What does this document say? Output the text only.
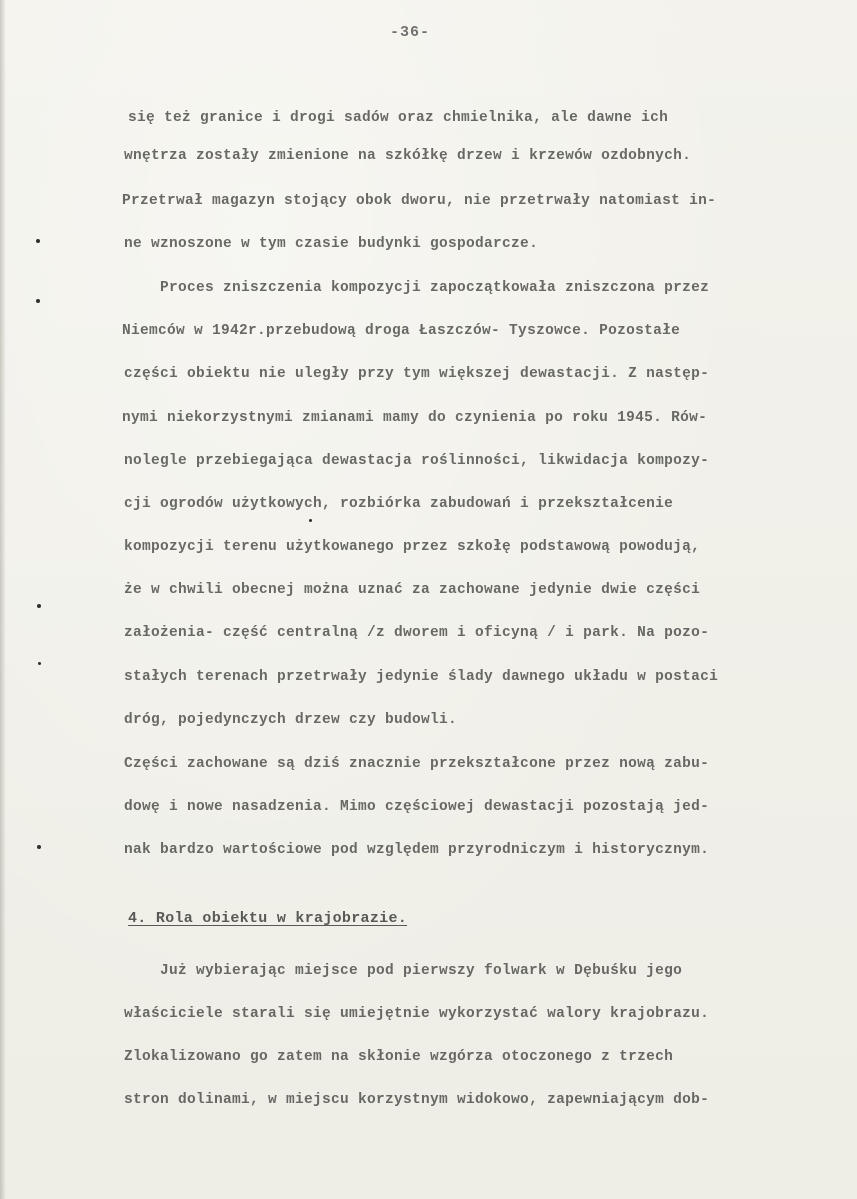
-36-
się też granice i drogi sadów oraz chmielnika, ale dawne ich
wnętrza zostały zmienione na szkółkę drzew i krzewów ozdobnych.
Przetrwał magazyn stojący obok dworu, nie przetrwały natomiast in-
ne wznoszone w tym czasie budynki gospodarcze.
Proces zniszczenia kompozycji zapoczątkowała zniszczona przez
Niemców w 1942r.przebudową droga Łaszczów- Tyszowce. Pozostałe
części obiektu nie uległy przy tym większej dewastacji. Z następ-
nymi niekorzystnymi zmianami mamy do czynienia po roku 1945. Rów-
nolegle przebiegająca dewastacja roślinności, likwidacja kompozy-
cji ogrodów użytkowych, rozbiórka zabudowań i przekształcenie
kompozycji terenu użytkowanego przez szkołę podstawową powodują,
że w chwili obecnej można uznać za zachowane jedynie dwie części
założenia- część centralną /z dworem i oficyną / i park. Na pozo-
stałych terenach przetrwały jedynie ślady dawnego układu w postaci
dróg, pojedynczych drzew czy budowli.
Części zachowane są dziś znacznie przekształcone przez nową zabu-
dowę i nowe nasadzenia. Mimo częściowej dewastacji pozostają jed-
nak bardzo wartościowe pod względem przyrodniczym i historycznym.
4. Rola obiektu w krajobrazie.
Już wybierając miejsce pod pierwszy folwark w Dębuśku jego
właściciele starali się umiejętnie wykorzystać walory krajobrazu.
Zlokalizowano go zatem na skłonie wzgórza otoczonego z trzech
stron dolinami, w miejscu korzystnym widokowo, zapewniającym dob-
